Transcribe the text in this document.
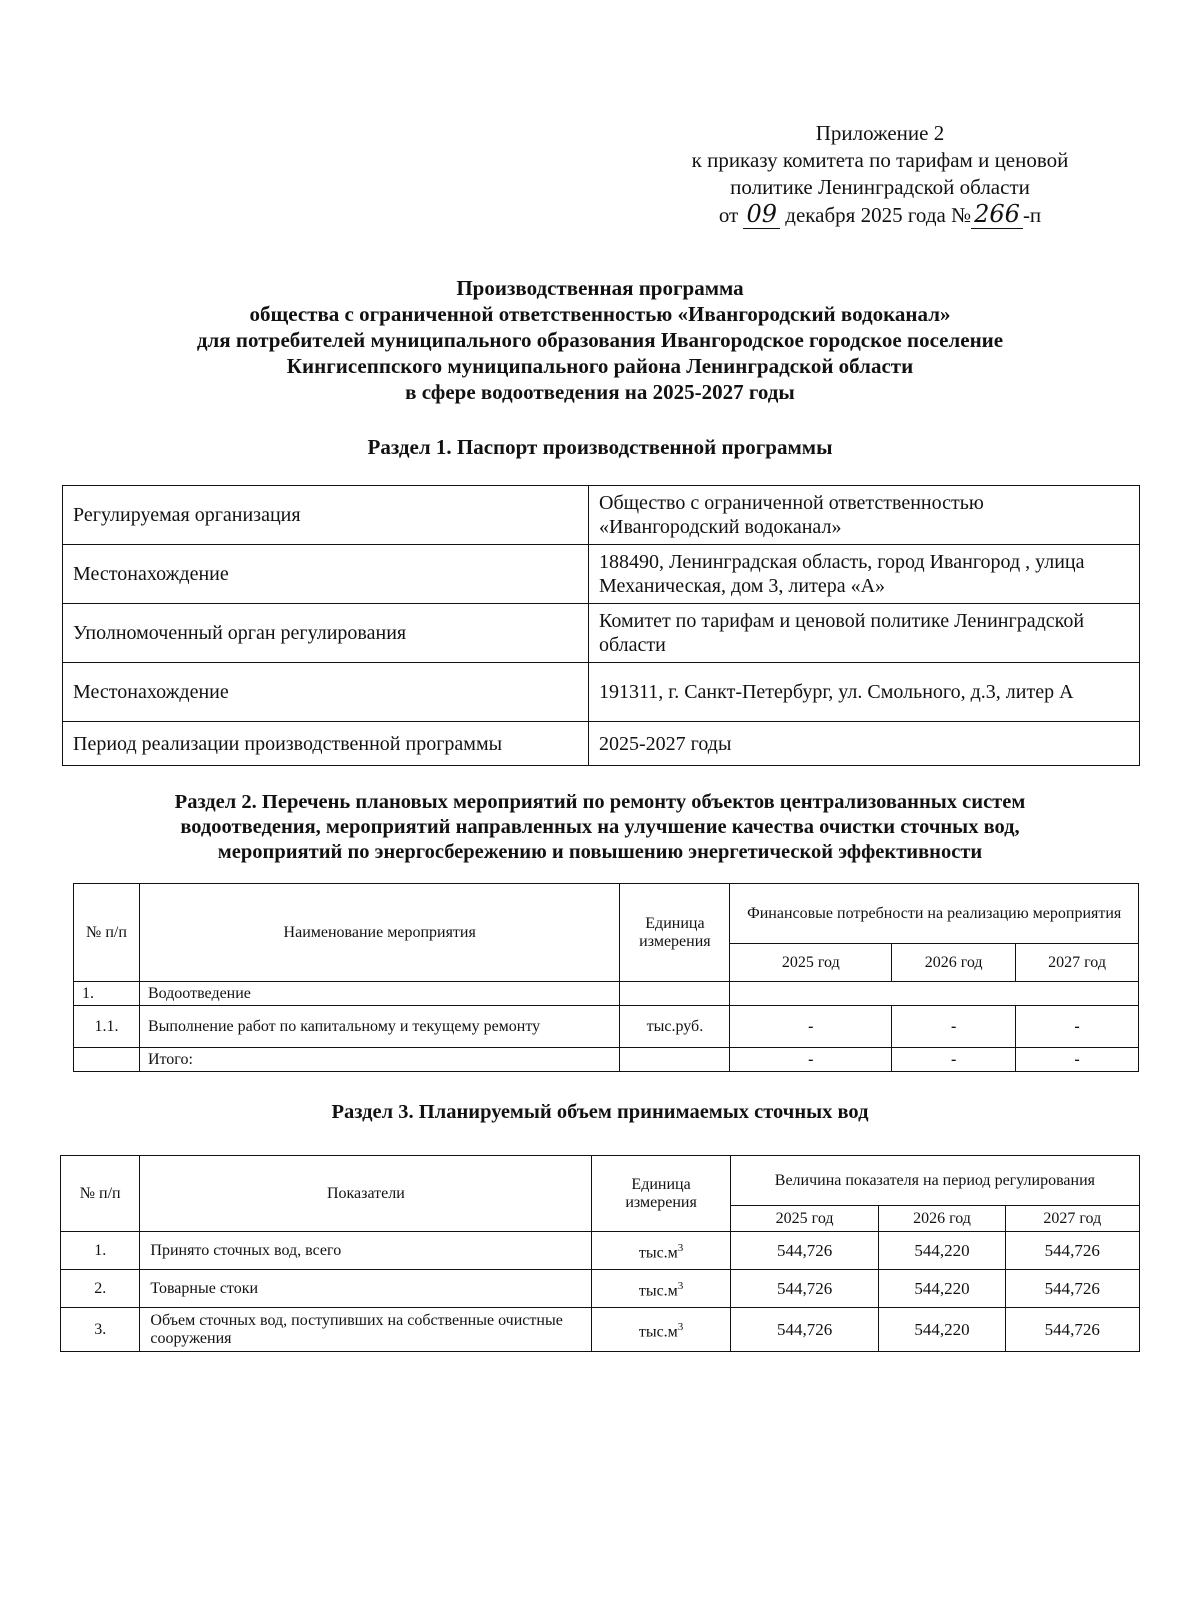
Приложение 2
к приказу комитета по тарифам и ценовой
политике Ленинградской области
от 09 декабря 2025 года № 266 -п
Производственная программа
общества с ограниченной ответственностью «Ивангородский водоканал»
для потребителей муниципального образования Ивангородское городское поселение
Кингисеппского муниципального района Ленинградской области
в сфере водоотведения на 2025-2027 годы
Раздел 1. Паспорт производственной программы
Регулируемая организация	Общество с ограниченной ответственностью «Ивангородский водоканал»
Местонахождение	188490, Ленинградская область, город Ивангород , улица Механическая, дом 3, литера «А»
Уполномоченный орган регулирования	Комитет по тарифам и ценовой политике Ленинградской области
Местонахождение	191311, г. Санкт-Петербург, ул. Смольного, д.3, литер А
Период реализации производственной программы	2025-2027 годы
Раздел 2. Перечень плановых мероприятий по ремонту объектов централизованных систем
водоотведения, мероприятий направленных на улучшение качества очистки сточных вод,
мероприятий по энергосбережению и повышению энергетической эффективности
№ п/п	Наименование мероприятия	Единица измерения	Финансовые потребности на реализацию мероприятия		
			2025 год	2026 год	2027 год
1.	Водоотведение				
1.1.	Выполнение работ по капитальному и текущему ремонту	тыс.руб.	-	-	-
	Итого:		-	-	-
Раздел 3. Планируемый объем принимаемых сточных вод
№ п/п	Показатели	Единица измерения	Величина показателя на период регулирования		
			2025 год	2026 год	2027 год
1.	Принято сточных вод, всего	$тыс.м^3$	544,726	544,220	544,726
2.	Товарные стоки	$тыс.м^3$	544,726	544,220	544,726
3.	Объем сточных вод, поступивших на собственные очистные сооружения	$тыс.м^3$	544,726	544,220	544,726
